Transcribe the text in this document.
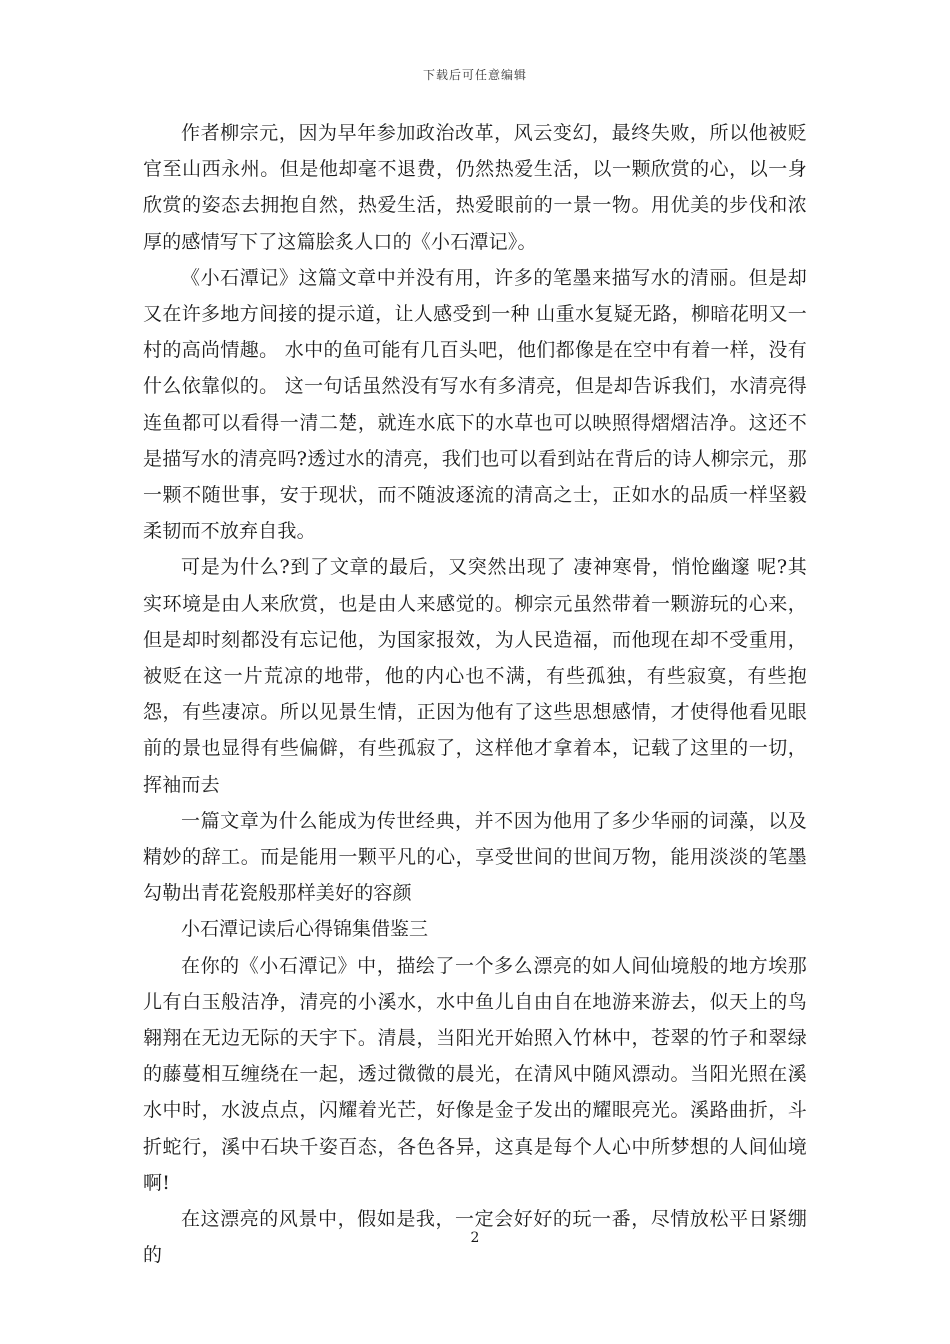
下载后可任意编辑

作者柳宗元，因为早年参加政治改革，风云变幻，最终失败，所以他被贬官至山西永州。但是他却毫不退费，仍然热爱生活，以一颗欣赏的心，以一身欣赏的姿态去拥抱自然，热爱生活，热爱眼前的一景一物。用优美的步伐和浓厚的感情写下了这篇脍炙人口的《小石潭记》。

《小石潭记》这篇文章中并没有用，许多的笔墨来描写水的清丽。但是却又在许多地方间接的提示道，让人感受到一种 山重水复疑无路，柳暗花明又一村的高尚情趣。 水中的鱼可能有几百头吧，他们都像是在空中有着一样，没有什么依靠似的。 这一句话虽然没有写水有多清亮，但是却告诉我们，水清亮得连鱼都可以看得一清二楚，就连水底下的水草也可以映照得熠熠洁净。这还不是描写水的清亮吗?透过水的清亮，我们也可以看到站在背后的诗人柳宗元，那一颗不随世事，安于现状，而不随波逐流的清高之士，正如水的品质一样坚毅柔韧而不放弃自我。

可是为什么?到了文章的最后，又突然出现了 凄神寒骨，悄怆幽邃 呢?其实环境是由人来欣赏，也是由人来感觉的。柳宗元虽然带着一颗游玩的心来，但是却时刻都没有忘记他，为国家报效，为人民造福，而他现在却不受重用，被贬在这一片荒凉的地带，他的内心也不满，有些孤独，有些寂寞，有些抱怨，有些凄凉。所以见景生情，正因为他有了这些思想感情，才使得他看见眼前的景也显得有些偏僻，有些孤寂了，这样他才拿着本，记载了这里的一切，挥袖而去

一篇文章为什么能成为传世经典，并不因为他用了多少华丽的词藻，以及精妙的辞工。而是能用一颗平凡的心，享受世间的世间万物，能用淡淡的笔墨勾勒出青花瓷般那样美好的容颜

小石潭记读后心得锦集借鉴三

在你的《小石潭记》中，描绘了一个多么漂亮的如人间仙境般的地方埃那儿有白玉般洁净，清亮的小溪水，水中鱼儿自由自在地游来游去，似天上的鸟翱翔在无边无际的天宇下。清晨，当阳光开始照入竹林中，苍翠的竹子和翠绿的藤蔓相互缠绕在一起，透过微微的晨光，在清风中随风漂动。当阳光照在溪水中时，水波点点，闪耀着光芒，好像是金子发出的耀眼亮光。溪路曲折，斗折蛇行，溪中石块千姿百态，各色各异，这真是每个人心中所梦想的人间仙境啊!

在这漂亮的风景中，假如是我，一定会好好的玩一番，尽情放松平日紧绷的

2
